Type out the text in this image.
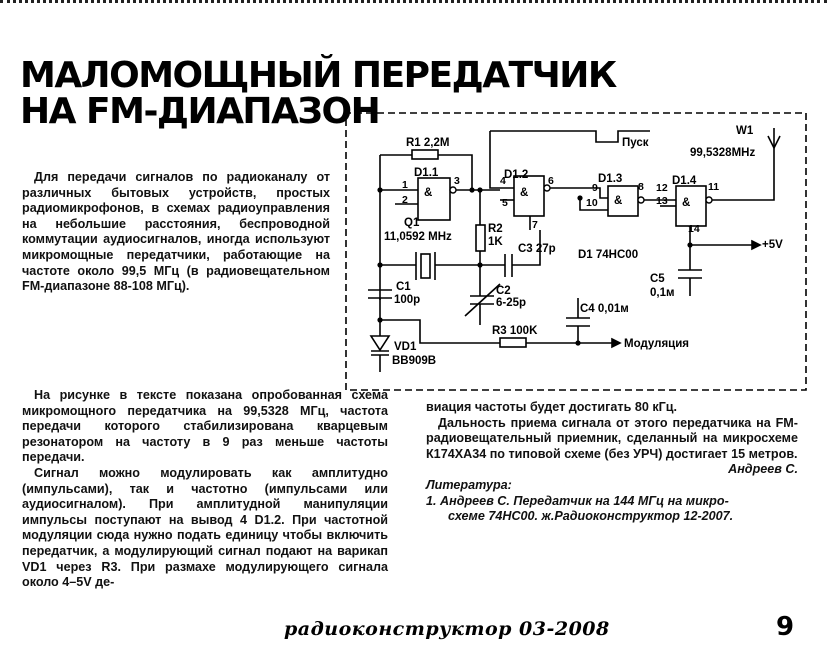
МАЛОМОЩНЫЙ ПЕРЕДАТЧИК
НА FM-ДИАПАЗОН
R1 2,2M
D1.1
&
D1.2
&
D1.3
&
D1.4
&
1
2
3	4
5
6
7
8
9
10
11
12
13
14
Q1
11,0592 MHz
R2
1K
C3 27p D1 74HC00
C1
100p
C2
6-25p	C4 0,01м
C5
0,1м
R3 100K
VD1
BB909B
W1
99,5328MHz
Пуск
Модуляция
+5V

Для передачи сигналов по радиоканалу от различных бытовых устройств, простых радиомикрофонов, в схемах радиоуправления на небольшие расстояния, беспроводной коммутации аудиосигналов, иногда используют микромощные передатчики, работающие на частоте около 99,5 МГц (в радиовещательном FM-диапазоне 88-108 МГц).

На рисунке в тексте показана опробованная схема микромощного передатчика на 99,5328 МГц, частота передачи которого стабилизирована кварцевым резонатором на частоту в 9 раз меньше частоты передачи.

Сигнал можно модулировать как амплитудно (импульсами), так и частотно (импульсами или аудиосигналом). При амплитудной манипуляции импульсы поступают на вывод 4 D1.2. При частотной модуляции сюда нужно подать единицу чтобы включить передатчик, а модулирующий сигнал подают на варикап VD1 через R3. При размахе модулирующего сигнала около 4–5V де-

виация частоты будет достигать 80 кГц.

Дальность приема сигнала от этого передатчика на FM-радиовещательный приемник, сделанный на микросхеме К174ХА34 по типовой схеме (без УРЧ) достигает 15 метров.

Андреев С.

Литература:

1. Андреев С. Передатчик на 144 МГц на микро-

схеме 74НС00. ж.Радиоконструктор 12-2007.

радиоконструктор 03-2008	9
